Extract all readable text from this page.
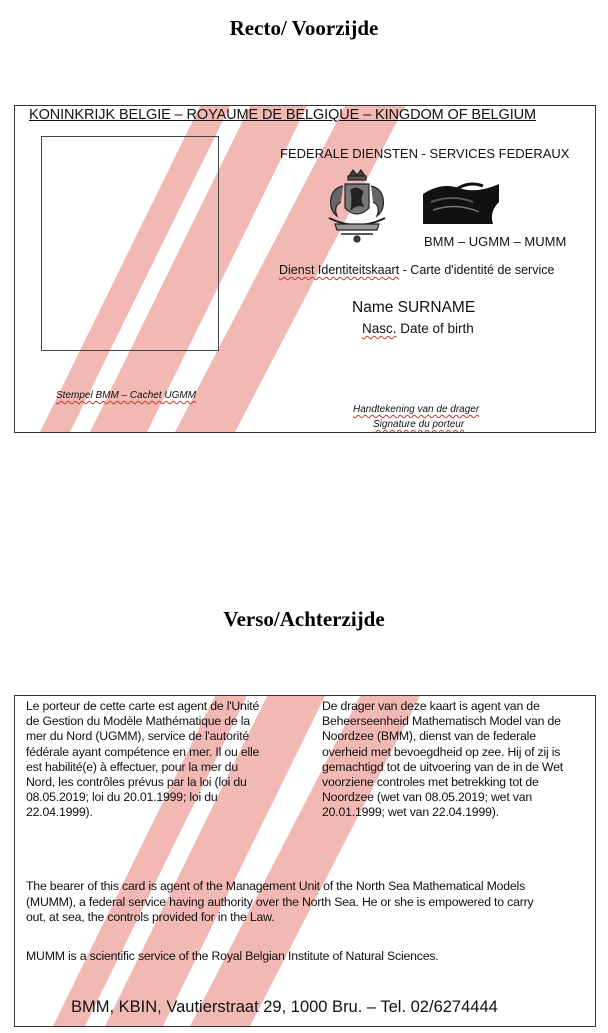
Recto/ Voorzijde
KONINKRIJK BELGIE – ROYAUME DE BELGIQUE – KINGDOM OF BELGIUM
FEDERALE DIENSTEN - SERVICES FEDERAUX
BMM – UGMM – MUMM
Dienst Identiteitskaart - Carte d'identité de service
Name SURNAME
Nasc. Date of birth
Stempel BMM – Cachet UGMM
Handtekening van de drager
Signature du porteur
Verso/Achterzijde
Le porteur de cette carte est agent de l'Unité
de Gestion du Modèle Mathématique de la
mer du Nord (UGMM), service de l'autorité
fédérale ayant compétence en mer. Il ou elle
est habilité(e) à effectuer, pour la mer du
Nord, les contrôles prévus par la loi (loi du
08.05.2019; loi du 20.01.1999; loi du
22.04.1999).
De drager van deze kaart is agent van de
Beheerseenheid Mathematisch Model van de
Noordzee (BMM), dienst van de federale
overheid met bevoegdheid op zee. Hij of zij is
gemachtigd tot de uitvoering van de in de Wet
voorziene controles met betrekking tot de
Noordzee (wet van 08.05.2019; wet van
20.01.1999; wet van 22.04.1999).
The bearer of this card is agent of the Management Unit of the North Sea Mathematical Models
(MUMM), a federal service having authority over the North Sea. He or she is empowered to carry
out, at sea, the controls provided for in the Law.
MUMM is a scientific service of the Royal Belgian Institute of Natural Sciences.
BMM, KBIN, Vautierstraat 29, 1000 Bru. – Tel. 02/6274444
